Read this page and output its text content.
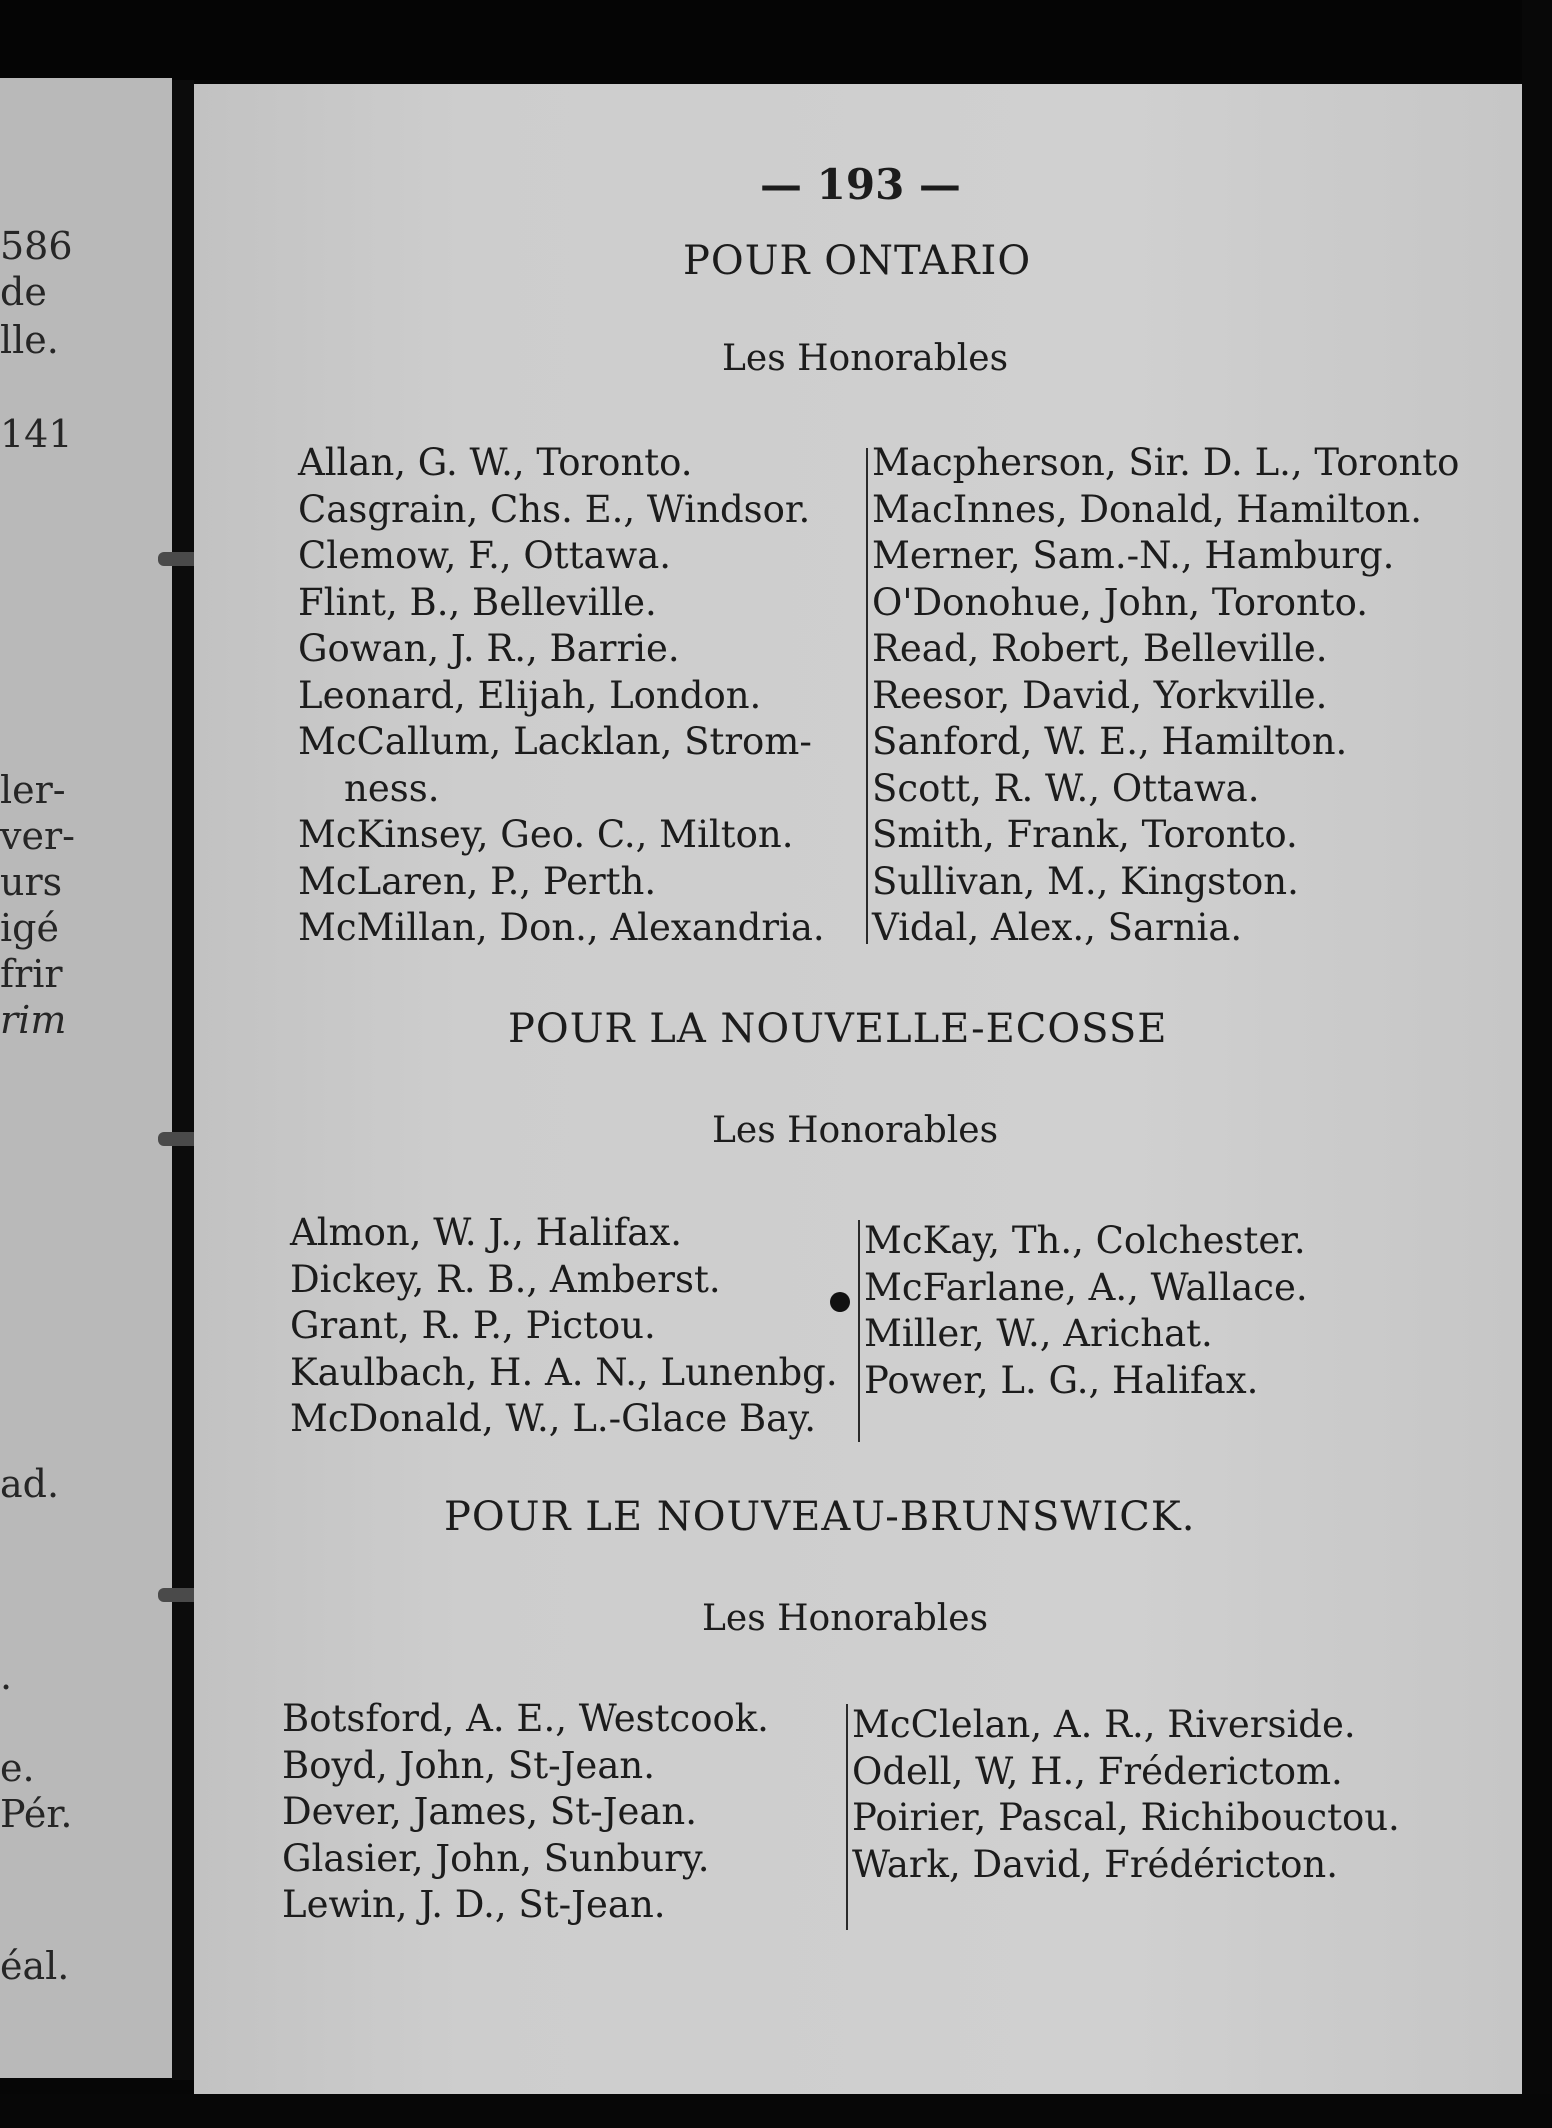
586
de
lle.
141
ler-
ver-
urs
igé
frir
rim
ad.
.
e.
Pér.
éal.
— 193 —
POUR ONTARIO
Les Honorables
Allan, G. W., Toronto.
Casgrain, Chs. E., Windsor.
Clemow, F., Ottawa.
Flint, B., Belleville.
Gowan, J. R., Barrie.
Leonard, Elijah, London.
McCallum, Lacklan, Strom-
ness.
McKinsey, Geo. C., Milton.
McLaren, P., Perth.
McMillan, Don., Alexandria.
Macpherson, Sir. D. L., Toronto
MacInnes, Donald, Hamilton.
Merner, Sam.-N., Hamburg.
O'Donohue, John, Toronto.
Read, Robert, Belleville.
Reesor, David, Yorkville.
Sanford, W. E., Hamilton.
Scott, R. W., Ottawa.
Smith, Frank, Toronto.
Sullivan, M., Kingston.
Vidal, Alex., Sarnia.
POUR LA NOUVELLE-ECOSSE
Les Honorables
Almon, W. J., Halifax.
Dickey, R. B., Amberst.
Grant, R. P., Pictou.
Kaulbach, H. A. N., Lunenbg.
McDonald, W., L.-Glace Bay.
McKay, Th., Colchester.
McFarlane, A., Wallace.
Miller, W., Arichat.
Power, L. G., Halifax.
POUR LE NOUVEAU-BRUNSWICK.
Les Honorables
Botsford, A. E., Westcook.
Boyd, John, St-Jean.
Dever, James, St-Jean.
Glasier, John, Sunbury.
Lewin, J. D., St-Jean.
McClelan, A. R., Riverside.
Odell, W, H., Fréderictom.
Poirier, Pascal, Richibouctou.
Wark, David, Frédéricton.
